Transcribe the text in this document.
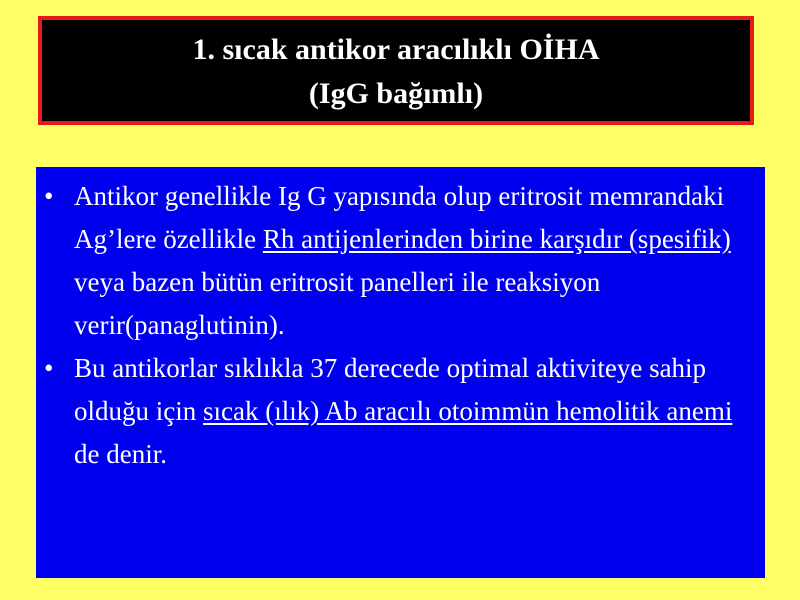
1. sıcak antikor aracılıklı OİHA
(IgG bağımlı)
• Antikor genellikle Ig G yapısında olup eritrosit memrandaki Ag’lere özellikle Rh antijenlerinden birine karşıdır (spesifik) veya bazen bütün eritrosit panelleri ile reaksiyon verir(panaglutinin).
• Bu antikorlar sıklıkla 37 derecede optimal aktiviteye sahip olduğu için sıcak (ılık) Ab aracılı otoimmün hemolitik anemi de denir.
